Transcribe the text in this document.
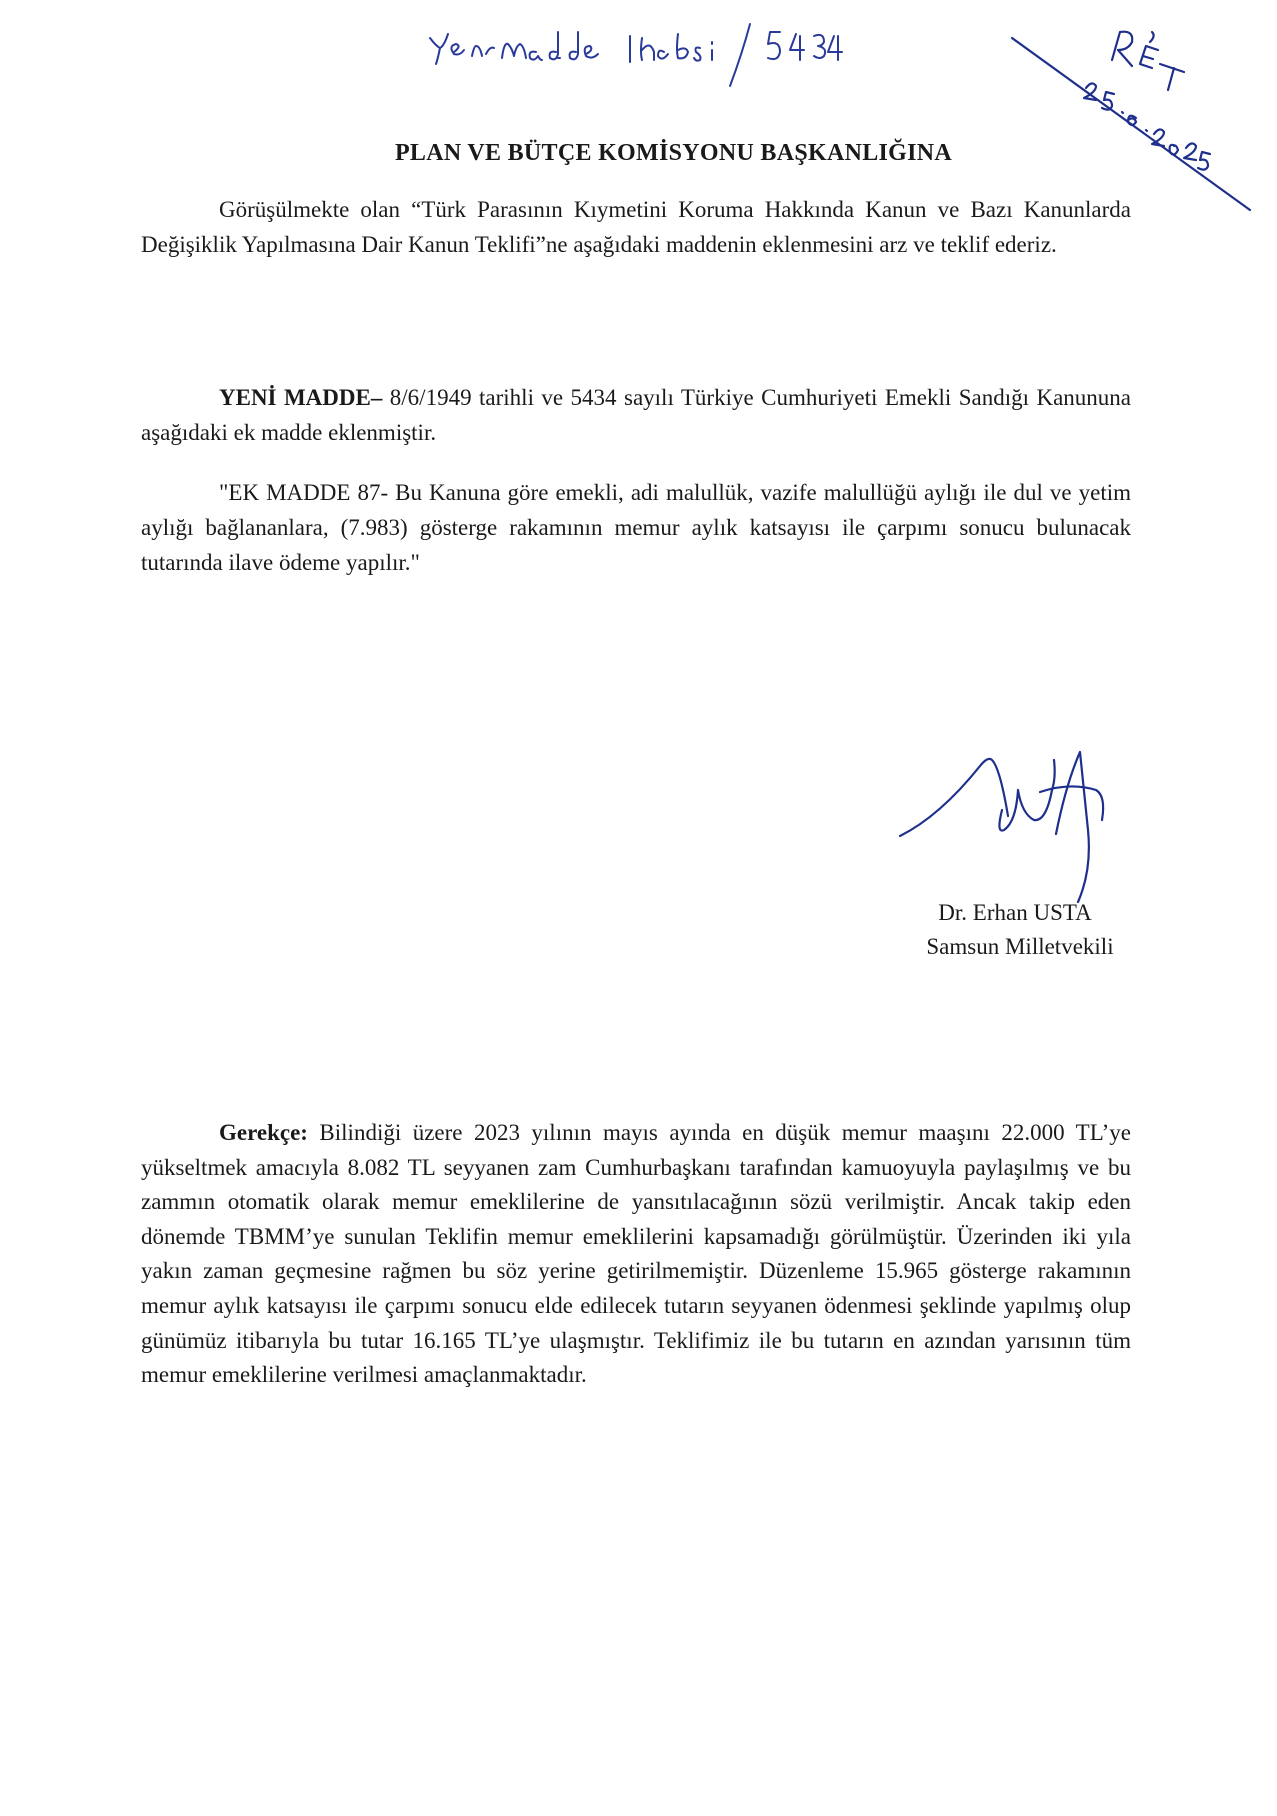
PLAN VE BÜTÇE KOMİSYONU BAŞKANLIĞINA

Görüşülmekte olan “Türk Parasının Kıymetini Koruma Hakkında Kanun ve Bazı Kanunlarda Değişiklik Yapılmasına Dair Kanun Teklifi”ne aşağıdaki maddenin eklenmesini arz ve teklif ederiz.

YENİ MADDE– 8/6/1949 tarihli ve 5434 sayılı Türkiye Cumhuriyeti Emekli Sandığı Kanununa aşağıdaki ek madde eklenmiştir.

"EK MADDE 87- Bu Kanuna göre emekli, adi malullük, vazife malullüğü aylığı ile dul ve yetim aylığı bağlananlara, (7.983) gösterge rakamının memur aylık katsayısı ile çarpımı sonucu bulunacak tutarında ilave ödeme yapılır."

Dr. Erhan USTA
Samsun Milletvekili

Gerekçe: Bilindiği üzere 2023 yılının mayıs ayında en düşük memur maaşını 22.000 TL’ye yükseltmek amacıyla 8.082 TL seyyanen zam Cumhurbaşkanı tarafından kamuoyuyla paylaşılmış ve bu zammın otomatik olarak memur emeklilerine de yansıtılacağının sözü verilmiştir. Ancak takip eden dönemde TBMM’ye sunulan Teklifin memur emeklilerini kapsamadığı görülmüştür. Üzerinden iki yıla yakın zaman geçmesine rağmen bu söz yerine getirilmemiştir. Düzenleme 15.965 gösterge rakamının memur aylık katsayısı ile çarpımı sonucu elde edilecek tutarın seyyanen ödenmesi şeklinde yapılmış olup günümüz itibarıyla bu tutar 16.165 TL’ye ulaşmıştır. Teklifimiz ile bu tutarın en azından yarısının tüm memur emeklilerine verilmesi amaçlanmaktadır.
